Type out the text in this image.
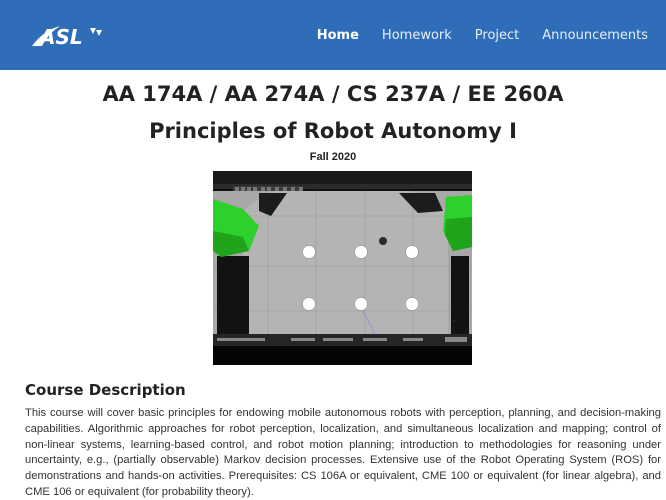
ASL	Home Homework Project Announcements
AA 174A / AA 274A / CS 237A / EE 260A
Principles of Robot Autonomy I
Fall 2020
Course Description

This course will cover basic principles for endowing mobile autonomous robots with perception, planning, and decision-making capabilities. Algorithmic approaches for robot perception, localization, and simultaneous localization and mapping; control of non-linear systems, learning-based control, and robot motion planning; introduction to methodologies for reasoning under uncertainty, e.g., (partially observable) Markov decision processes. Extensive use of the Robot Operating System (ROS) for demonstrations and hands-on activities. Prerequisites: CS 106A or equivalent, CME 100 or equivalent (for linear algebra), and CME 106 or equivalent (for probability theory).
